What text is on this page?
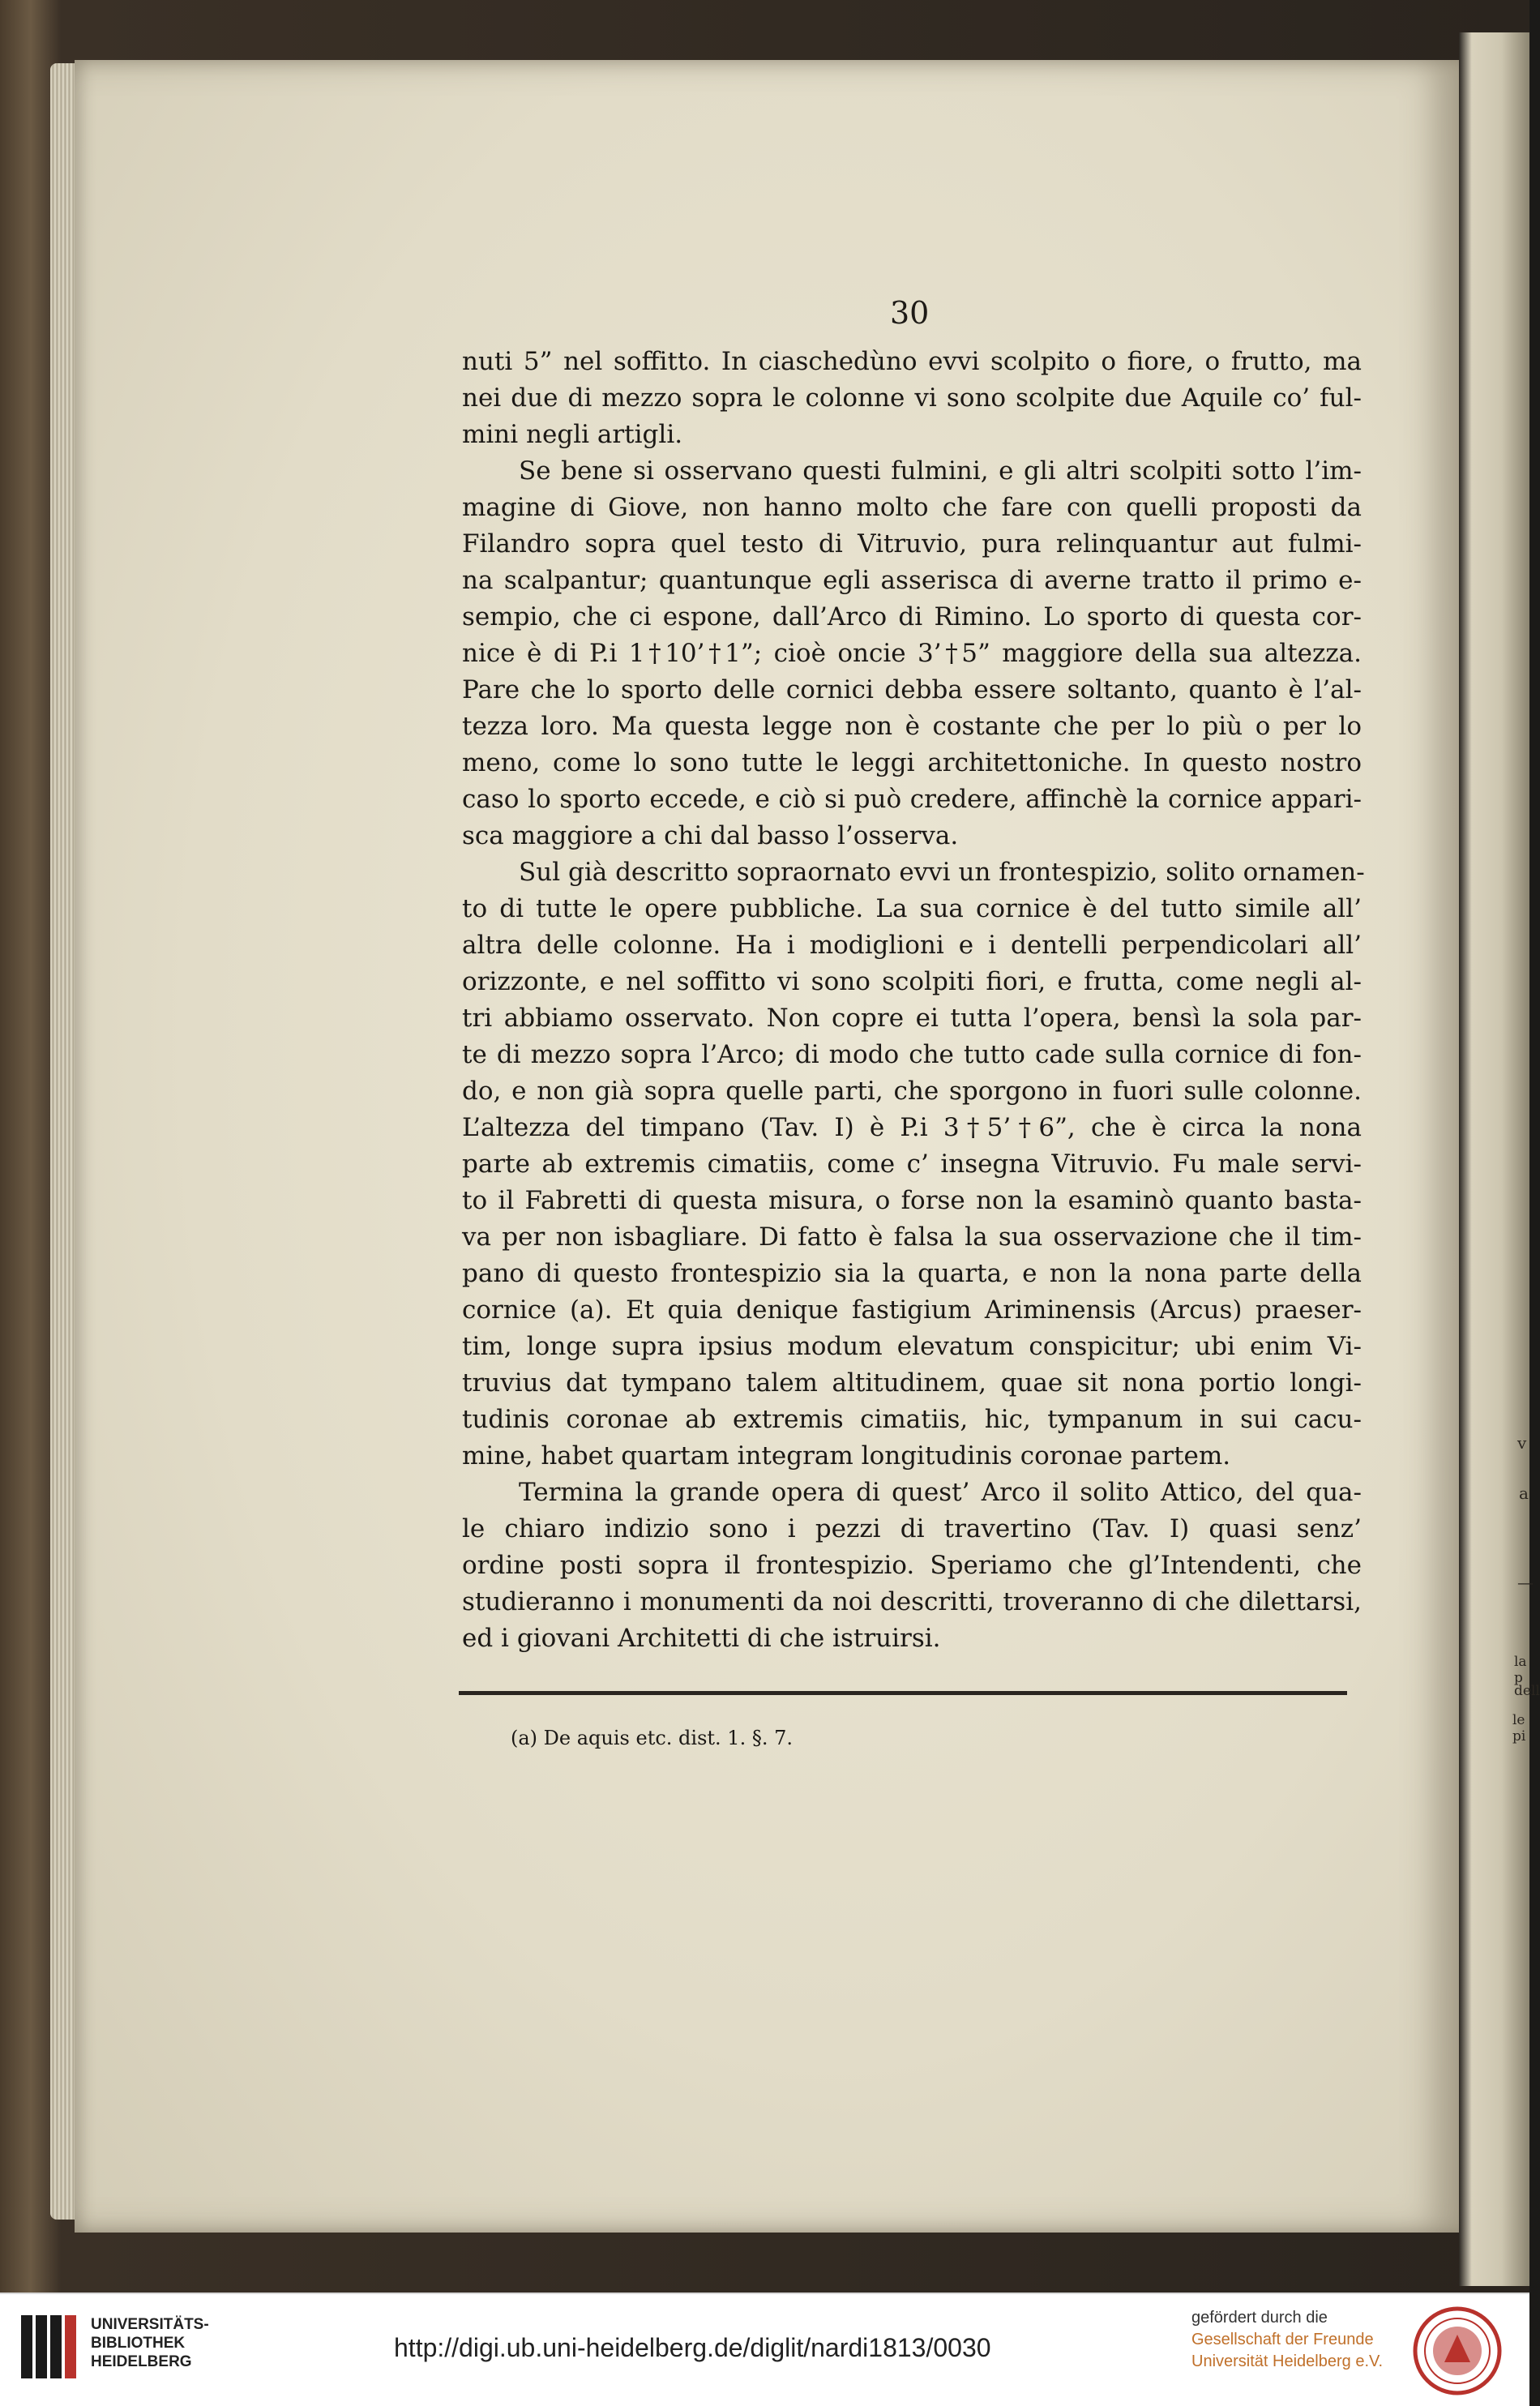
v
a
—
la p
dell
le pi
30

nuti 5” nel soffitto. In ciaschedùno evvi scolpito o fiore, o frutto, ma
nei due di mezzo sopra le colonne vi sono scolpite due Aquile co’ ful-
mini negli artigli.

Se bene si osservano questi fulmini, e gli altri scolpiti sotto l’im-
magine di Giove, non hanno molto che fare con quelli proposti da
Filandro sopra quel testo di Vitruvio, pura relinquantur aut fulmi-
na scalpantur; quantunque egli asserisca di averne tratto il primo e-
sempio, che ci espone, dall’Arco di Rimino. Lo sporto di questa cor-
nice è di P.i 1†10’†1”; cioè oncie 3’†5” maggiore della sua altezza.
Pare che lo sporto delle cornici debba essere soltanto, quanto è l’al-
tezza loro. Ma questa legge non è costante che per lo più o per lo
meno, come lo sono tutte le leggi architettoniche. In questo nostro
caso lo sporto eccede, e ciò si può credere, affinchè la cornice appari-
sca maggiore a chi dal basso l’osserva.

Sul già descritto sopraornato evvi un frontespizio, solito ornamen-
to di tutte le opere pubbliche. La sua cornice è del tutto simile all’
altra delle colonne. Ha i modiglioni e i dentelli perpendicolari all’
orizzonte, e nel soffitto vi sono scolpiti fiori, e frutta, come negli al-
tri abbiamo osservato. Non copre ei tutta l’opera, bensì la sola par-
te di mezzo sopra l’Arco; di modo che tutto cade sulla cornice di fon-
do, e non già sopra quelle parti, che sporgono in fuori sulle colonne.
L’altezza del timpano (Tav. I) è P.i 3†5’†6”, che è circa la nona
parte ab extremis cimatiis, come c’ insegna Vitruvio. Fu male servi-
to il Fabretti di questa misura, o forse non la esaminò quanto basta-
va per non isbagliare. Di fatto è falsa la sua osservazione che il tim-
pano di questo frontespizio sia la quarta, e non la nona parte della
cornice (a). Et quia denique fastigium Ariminensis (Arcus) praeser-
tim, longe supra ipsius modum elevatum conspicitur; ubi enim Vi-
truvius dat tympano talem altitudinem, quae sit nona portio longi-
tudinis coronae ab extremis cimatiis, hic, tympanum in sui cacu-
mine, habet quartam integram longitudinis coronae partem.

Termina la grande opera di quest’ Arco il solito Attico, del qua-
le chiaro indizio sono i pezzi di travertino (Tav. I) quasi senz’
ordine posti sopra il frontespizio. Speriamo che gl’Intendenti, che
studieranno i monumenti da noi descritti, troveranno di che dilettarsi,
ed i giovani Architetti di che istruirsi.

(a) De aquis etc. dist. 1. §. 7.
UNIVERSITÄTS-
BIBLIOTHEK
HEIDELBERG	http://digi.ub.uni-heidelberg.de/diglit/nardi1813/0030
gefördert durch die
Gesellschaft der Freunde
Universität Heidelberg e.V.
